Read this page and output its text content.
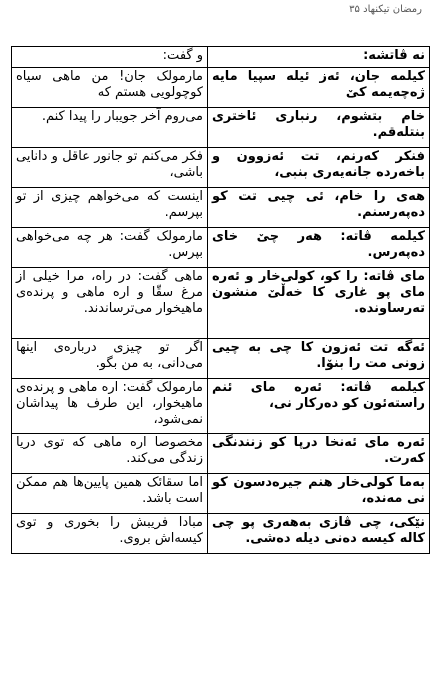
رمضان تیکنهاد ۳۵
نه ڤاتشه:	و گفت:
کیلمه جان، ئەز ئیله سپیا مایه ژەچەیمه کێ	مارمولک جان! من ماهی سیاه کوچولویی هستم که
خام بتشوم، رنباری ئاختری بنتلەقم.	می‌روم آخر جویبار را پیدا کنم.
فنکر کەرنم، تت ئەزوون و باخەرده جانەیەری بنبی،	فکر می‌کنم تو جانور عاقل و دانایی باشی،
هەی را خام، ئی چیی تت کو دەپەرسنم.	اینست که می‌خواهم چیزی از تو بپرسم.
کیلمه ڤاته: هەر چێ خای دەپەرس.	مارمولک گفت: هر چه می‌خواهی بپرس.
مای ڤاته: را کو، کولی‌خار و ئەره مای پو غاری کا خەڵێ منشون تەرساونده.	ماهی گفت: در راه، مرا خیلی از مرغ سقّا و اره ماهی و پرنده‌ی ماهیخوار می‌ترساندند.
ئەگه تت ئەزون کا چی به چیی زونی مت را بنۆا.	اگر تو چیزی درباره‌ی اینها می‌دانی، به من بگو.
کیلمه ڤاته: ئەره مای ئنم راستەئون کو دەرکار نی،	مارمولک گفت: اره ماهی و پرنده‌ی ماهیخوار، این طرف ها پیداشان نمی‌شود،
ئەره مای ئەنخا درپا کو زنندنگی کەرت.	مخصوصا اره ماهی که توی دریا زندگی می‌کند.
بەما کولی‌خار هنم جیرەدسون کو نی مەنده،	اما سقائک همین پایین‌ها هم ممکن است باشد.
نێکی، چی ڤازی بەهەری پو چی کاله کیسه دەنی دیله دەشی.	مبادا فریبش را بخوری و توی کیسه‌اش بروی.
